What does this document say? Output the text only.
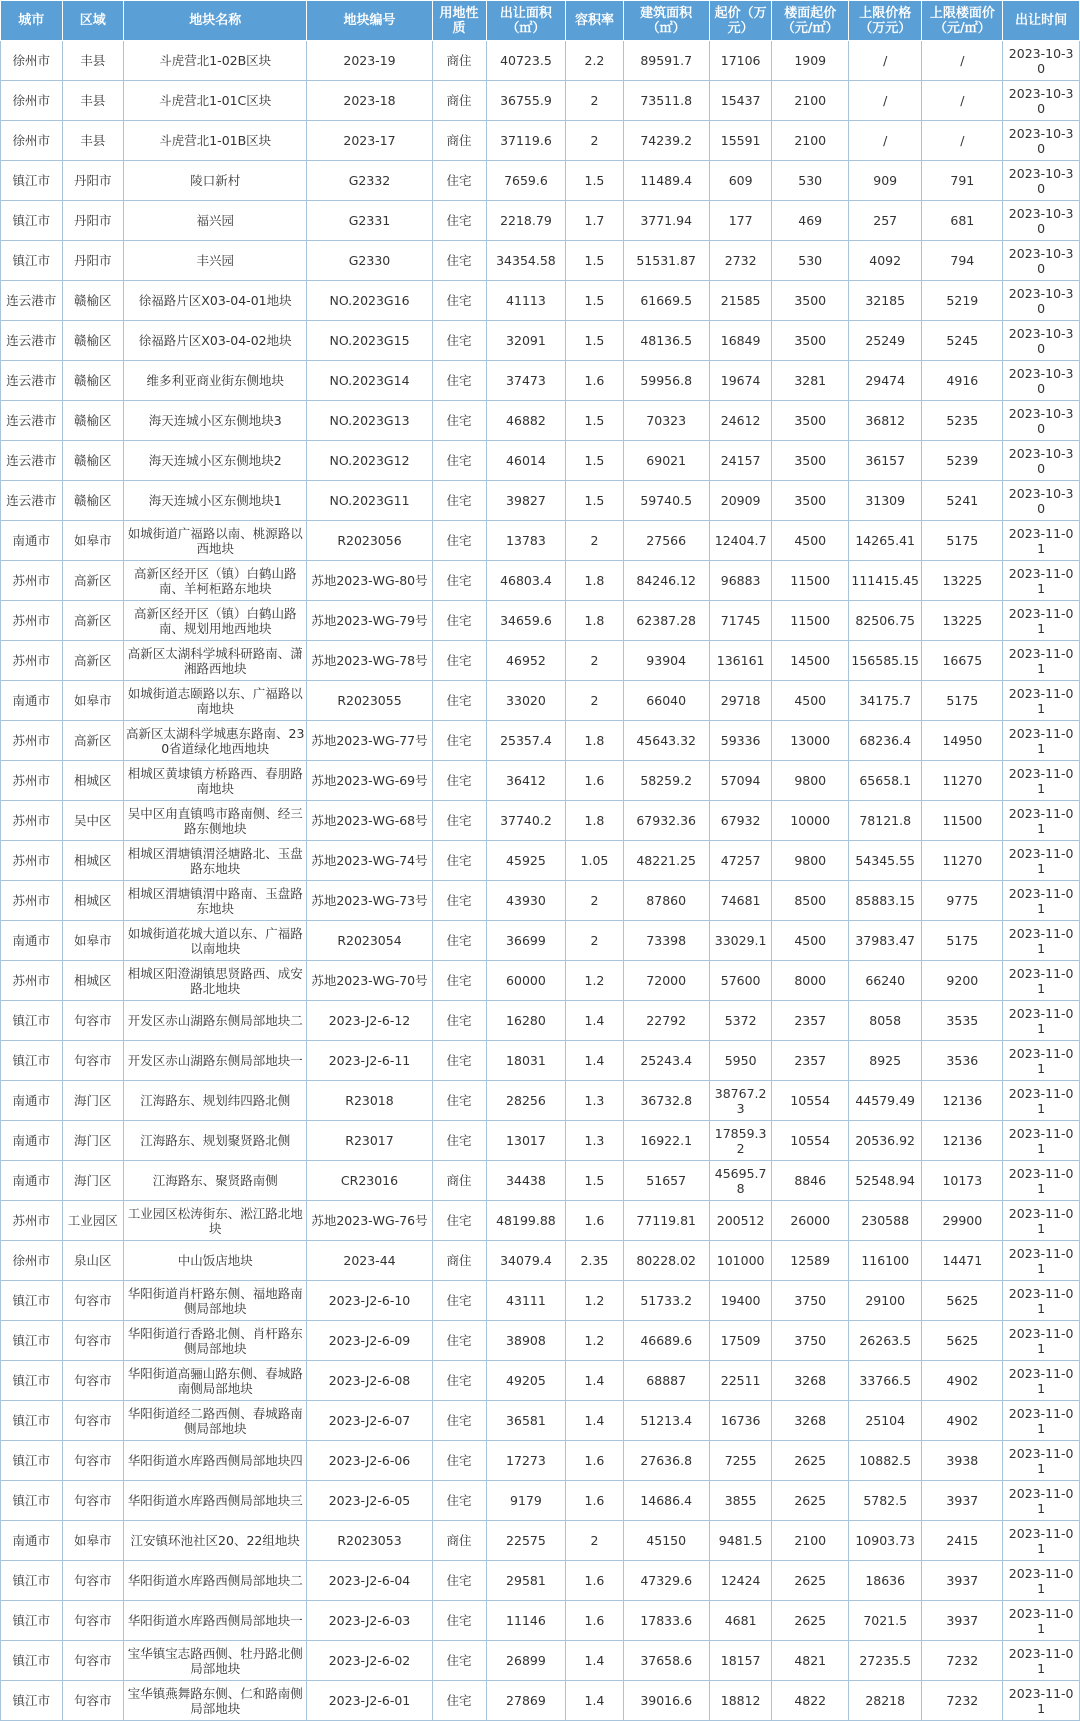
城市	区域	地块名称	地块编号	用地性质	出让面积（㎡）	容积率	建筑面积（㎡）	起价（万元）	楼面起价（元/㎡）	上限价格（万元）	上限楼面价（元/㎡）	出让时间
徐州市	丰县	斗虎营北1-02B区块	2023-19	商住	40723.5	2.2	89591.7	17106	1909	/	/	2023-10-30
徐州市	丰县	斗虎营北1-01C区块	2023-18	商住	36755.9	2	73511.8	15437	2100	/	/	2023-10-30
徐州市	丰县	斗虎营北1-01B区块	2023-17	商住	37119.6	2	74239.2	15591	2100	/	/	2023-10-30
镇江市	丹阳市	陵口新村	G2332	住宅	7659.6	1.5	11489.4	609	530	909	791	2023-10-30
镇江市	丹阳市	福兴园	G2331	住宅	2218.79	1.7	3771.94	177	469	257	681	2023-10-30
镇江市	丹阳市	丰兴园	G2330	住宅	34354.58	1.5	51531.87	2732	530	4092	794	2023-10-30
连云港市	赣榆区	徐福路片区X03-04-01地块	NO.2023G16	住宅	41113	1.5	61669.5	21585	3500	32185	5219	2023-10-30
连云港市	赣榆区	徐福路片区X03-04-02地块	NO.2023G15	住宅	32091	1.5	48136.5	16849	3500	25249	5245	2023-10-30
连云港市	赣榆区	维多利亚商业街东侧地块	NO.2023G14	住宅	37473	1.6	59956.8	19674	3281	29474	4916	2023-10-30
连云港市	赣榆区	海天连城小区东侧地块3	NO.2023G13	住宅	46882	1.5	70323	24612	3500	36812	5235	2023-10-30
连云港市	赣榆区	海天连城小区东侧地块2	NO.2023G12	住宅	46014	1.5	69021	24157	3500	36157	5239	2023-10-30
连云港市	赣榆区	海天连城小区东侧地块1	NO.2023G11	住宅	39827	1.5	59740.5	20909	3500	31309	5241	2023-10-30
南通市	如皋市	如城街道广福路以南、桃源路以西地块	R2023056	住宅	13783	2	27566	12404.7	4500	14265.41	5175	2023-11-01
苏州市	高新区	高新区经开区（镇）白鹤山路南、羊柯柜路东地块	苏地2023-WG-80号	住宅	46803.4	1.8	84246.12	96883	11500	111415.45	13225	2023-11-01
苏州市	高新区	高新区经开区（镇）白鹤山路南、规划用地西地块	苏地2023-WG-79号	住宅	34659.6	1.8	62387.28	71745	11500	82506.75	13225	2023-11-01
苏州市	高新区	高新区太湖科学城科研路南、潇湘路西地块	苏地2023-WG-78号	住宅	46952	2	93904	136161	14500	156585.15	16675	2023-11-01
南通市	如皋市	如城街道志颐路以东、广福路以南地块	R2023055	住宅	33020	2	66040	29718	4500	34175.7	5175	2023-11-01
苏州市	高新区	高新区太湖科学城惠东路南、230省道绿化地西地块	苏地2023-WG-77号	住宅	25357.4	1.8	45643.32	59336	13000	68236.4	14950	2023-11-01
苏州市	相城区	相城区黄埭镇方桥路西、春朋路南地块	苏地2023-WG-69号	住宅	36412	1.6	58259.2	57094	9800	65658.1	11270	2023-11-01
苏州市	吴中区	吴中区甪直镇鸣市路南侧、经三路东侧地块	苏地2023-WG-68号	住宅	37740.2	1.8	67932.36	67932	10000	78121.8	11500	2023-11-01
苏州市	相城区	相城区渭塘镇渭泾塘路北、玉盘路东地块	苏地2023-WG-74号	住宅	45925	1.05	48221.25	47257	9800	54345.55	11270	2023-11-01
苏州市	相城区	相城区渭塘镇渭中路南、玉盘路东地块	苏地2023-WG-73号	住宅	43930	2	87860	74681	8500	85883.15	9775	2023-11-01
南通市	如皋市	如城街道花城大道以东、广福路以南地块	R2023054	住宅	36699	2	73398	33029.1	4500	37983.47	5175	2023-11-01
苏州市	相城区	相城区阳澄湖镇思贤路西、成安路北地块	苏地2023-WG-70号	住宅	60000	1.2	72000	57600	8000	66240	9200	2023-11-01
镇江市	句容市	开发区赤山湖路东侧局部地块二	2023-J2-6-12	住宅	16280	1.4	22792	5372	2357	8058	3535	2023-11-01
镇江市	句容市	开发区赤山湖路东侧局部地块一	2023-J2-6-11	住宅	18031	1.4	25243.4	5950	2357	8925	3536	2023-11-01
南通市	海门区	江海路东、规划纬四路北侧	R23018	住宅	28256	1.3	36732.8	38767.23	10554	44579.49	12136	2023-11-01
南通市	海门区	江海路东、规划聚贤路北侧	R23017	住宅	13017	1.3	16922.1	17859.32	10554	20536.92	12136	2023-11-01
南通市	海门区	江海路东、聚贤路南侧	CR23016	商住	34438	1.5	51657	45695.78	8846	52548.94	10173	2023-11-01
苏州市	工业园区	工业园区松涛街东、淞江路北地块	苏地2023-WG-76号	住宅	48199.88	1.6	77119.81	200512	26000	230588	29900	2023-11-01
徐州市	泉山区	中山饭店地块	2023-44	商住	34079.4	2.35	80228.02	101000	12589	116100	14471	2023-11-01
镇江市	句容市	华阳街道肖杆路东侧、福地路南侧局部地块	2023-J2-6-10	住宅	43111	1.2	51733.2	19400	3750	29100	5625	2023-11-01
镇江市	句容市	华阳街道行香路北侧、肖杆路东侧局部地块	2023-J2-6-09	住宅	38908	1.2	46689.6	17509	3750	26263.5	5625	2023-11-01
镇江市	句容市	华阳街道高骊山路东侧、春城路南侧局部地块	2023-J2-6-08	住宅	49205	1.4	68887	22511	3268	33766.5	4902	2023-11-01
镇江市	句容市	华阳街道经二路西侧、春城路南侧局部地块	2023-J2-6-07	住宅	36581	1.4	51213.4	16736	3268	25104	4902	2023-11-01
镇江市	句容市	华阳街道水库路西侧局部地块四	2023-J2-6-06	住宅	17273	1.6	27636.8	7255	2625	10882.5	3938	2023-11-01
镇江市	句容市	华阳街道水库路西侧局部地块三	2023-J2-6-05	住宅	9179	1.6	14686.4	3855	2625	5782.5	3937	2023-11-01
南通市	如皋市	江安镇环池社区20、22组地块	R2023053	商住	22575	2	45150	9481.5	2100	10903.73	2415	2023-11-01
镇江市	句容市	华阳街道水库路西侧局部地块二	2023-J2-6-04	住宅	29581	1.6	47329.6	12424	2625	18636	3937	2023-11-01
镇江市	句容市	华阳街道水库路西侧局部地块一	2023-J2-6-03	住宅	11146	1.6	17833.6	4681	2625	7021.5	3937	2023-11-01
镇江市	句容市	宝华镇宝志路西侧、牡丹路北侧局部地块	2023-J2-6-02	住宅	26899	1.4	37658.6	18157	4821	27235.5	7232	2023-11-01
镇江市	句容市	宝华镇燕舞路东侧、仁和路南侧局部地块	2023-J2-6-01	住宅	27869	1.4	39016.6	18812	4822	28218	7232	2023-11-01
